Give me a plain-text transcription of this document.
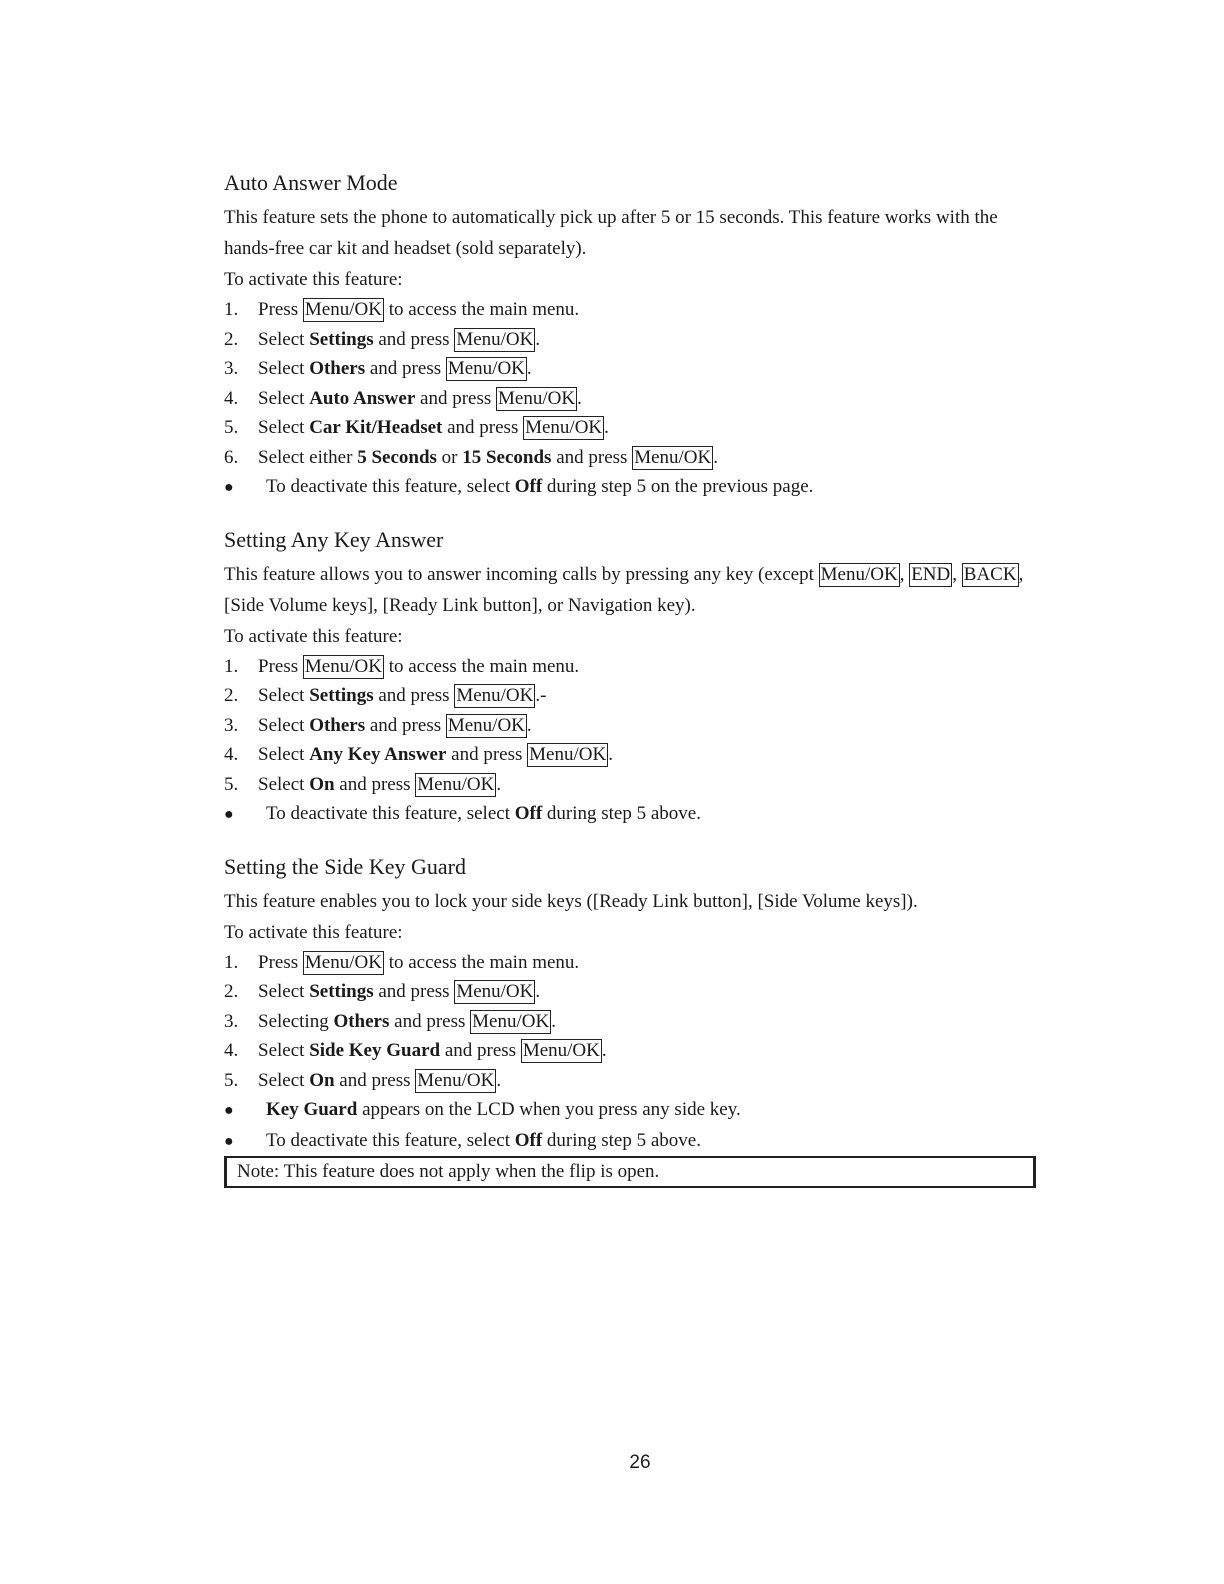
Auto Answer Mode

This feature sets the phone to automatically pick up after 5 or 15 seconds. This feature works with the hands-free car kit and headset (sold separately).

To activate this feature:

1.	Press Menu/OK to access the main menu.
2.	Select Settings and press Menu/OK .
3.	Select Others and press Menu/OK .
4.	Select Auto Answer and press Menu/OK .
5.	Select Car Kit/Headset and press Menu/OK .
6.	Select either 5 Seconds or 15 Seconds and press Menu/OK .
●	To deactivate this feature, select Off during step 5 on the previous page.
Setting Any Key Answer

This feature allows you to answer incoming calls by pressing any key (except Menu/OK , END , BACK , [Side Volume keys], [Ready Link button], or Navigation key).

To activate this feature:

1.	Press Menu/OK to access the main menu.
2.	Select Settings and press Menu/OK .-
3.	Select Others and press Menu/OK .
4.	Select Any Key Answer and press Menu/OK .
5.	Select On and press Menu/OK .
●	To deactivate this feature, select Off during step 5 above.
Setting the Side Key Guard

This feature enables you to lock your side keys ([Ready Link button], [Side Volume keys]).

To activate this feature:

1.	Press Menu/OK to access the main menu.
2.	Select Settings and press Menu/OK .
3.	Selecting Others and press Menu/OK .
4.	Select Side Key Guard and press Menu/OK .
5.	Select On and press Menu/OK .
●	Key Guard appears on the LCD when you press any side key.
●	To deactivate this feature, select Off during step 5 above.
Note: This feature does not apply when the flip is open.
26
